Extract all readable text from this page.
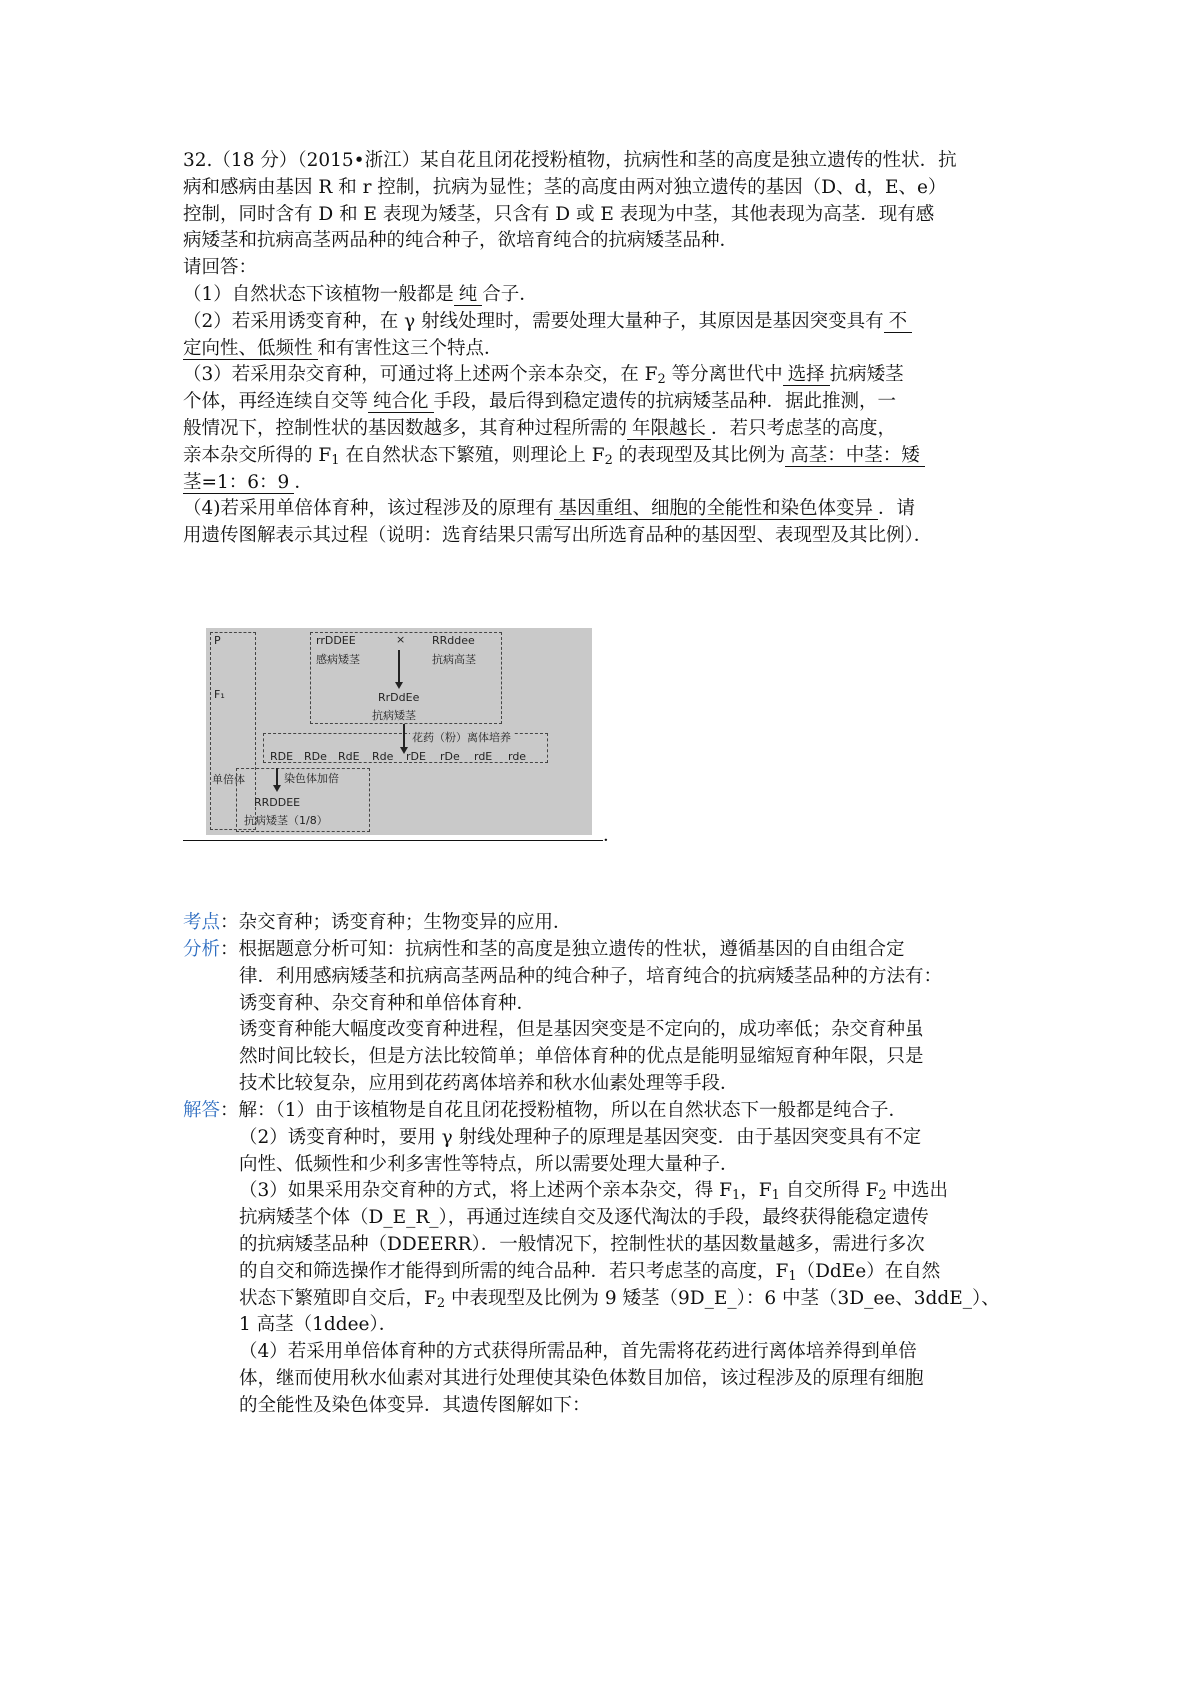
32.（18 分）（2015•浙江）某自花且闭花授粉植物，抗病性和茎的高度是独立遗传的性状．抗
病和感病由基因 R 和 r 控制，抗病为显性；茎的高度由两对独立遗传的基因（D、d，E、e）
控制，同时含有 D 和 E 表现为矮茎，只含有 D 或 E 表现为中茎，其他表现为高茎．现有感
病矮茎和抗病高茎两品种的纯合种子，欲培育纯合的抗病矮茎品种．
请回答：
（1）自然状态下该植物一般都是 纯 合子．
（2）若采用诱变育种，在 γ 射线处理时，需要处理大量种子，其原因是基因突变具有 不
定向性、低频性 和有害性这三个特点．
（3）若采用杂交育种，可通过将上述两个亲本杂交，在 $F_2$ 等分离世代中 选择 抗病矮茎
个体，再经连续自交等 纯合化 手段，最后得到稳定遗传的抗病矮茎品种．据此推测，一
般情况下，控制性状的基因数越多，其育种过程所需的 年限越长 ．若只考虑茎的高度，
亲本杂交所得的 $F_1$ 在自然状态下繁殖，则理论上 $F_2$ 的表现型及其比例为 高茎：中茎：矮
茎=1：6：9 ．
（4)若采用单倍体育种，该过程涉及的原理有 基因重组、细胞的全能性和染色体变异 ．请
用遗传图解表示其过程（说明：选育结果只需写出所选育品种的基因型、表现型及其比例）．
P
F₁
单倍体
rrDDEE
感病矮茎
× RRddee
抗病高茎
RrDdEe
抗病矮茎
花药（粉）离体培养
RDE RDe RdE Rde rDE rDe rdE rde
染色体加倍
RRDDEE
抗病矮茎（1/8）
．
考点 ：杂交育种；诱变育种；生物变异的应用．
分析 ：根据题意分析可知：抗病性和茎的高度是独立遗传的性状，遵循基因的自由组合定
律．利用感病矮茎和抗病高茎两品种的纯合种子，培育纯合的抗病矮茎品种的方法有：
诱变育种、杂交育种和单倍体育种．
诱变育种能大幅度改变育种进程，但是基因突变是不定向的，成功率低；杂交育种虽
然时间比较长，但是方法比较简单；单倍体育种的优点是能明显缩短育种年限，只是
技术比较复杂，应用到花药离体培养和秋水仙素处理等手段．
解答 ：解：（1）由于该植物是自花且闭花授粉植物，所以在自然状态下一般都是纯合子．
（2）诱变育种时，要用 γ 射线处理种子的原理是基因突变．由于基因突变具有不定
向性、低频性和少利多害性等特点，所以需要处理大量种子．
（3）如果采用杂交育种的方式，将上述两个亲本杂交，得 $F_1$，$F_1$ 自交所得 $F_2$ 中选出
抗病矮茎个体（D_E_R_），再通过连续自交及逐代淘汰的手段，最终获得能稳定遗传
的抗病矮茎品种（DDEERR）．一般情况下，控制性状的基因数量越多，需进行多次
的自交和筛选操作才能得到所需的纯合品种．若只考虑茎的高度，$F_1(DdEe)$在自然
状态下繁殖即自交后，$F_2$ 中表现型及比例为 9 矮茎（9D_E_）：6 中茎（3D_ee、3ddE_）、
1 高茎（1ddee）．
（4）若采用单倍体育种的方式获得所需品种，首先需将花药进行离体培养得到单倍
体，继而使用秋水仙素对其进行处理使其染色体数目加倍，该过程涉及的原理有细胞
的全能性及染色体变异．其遗传图解如下：
